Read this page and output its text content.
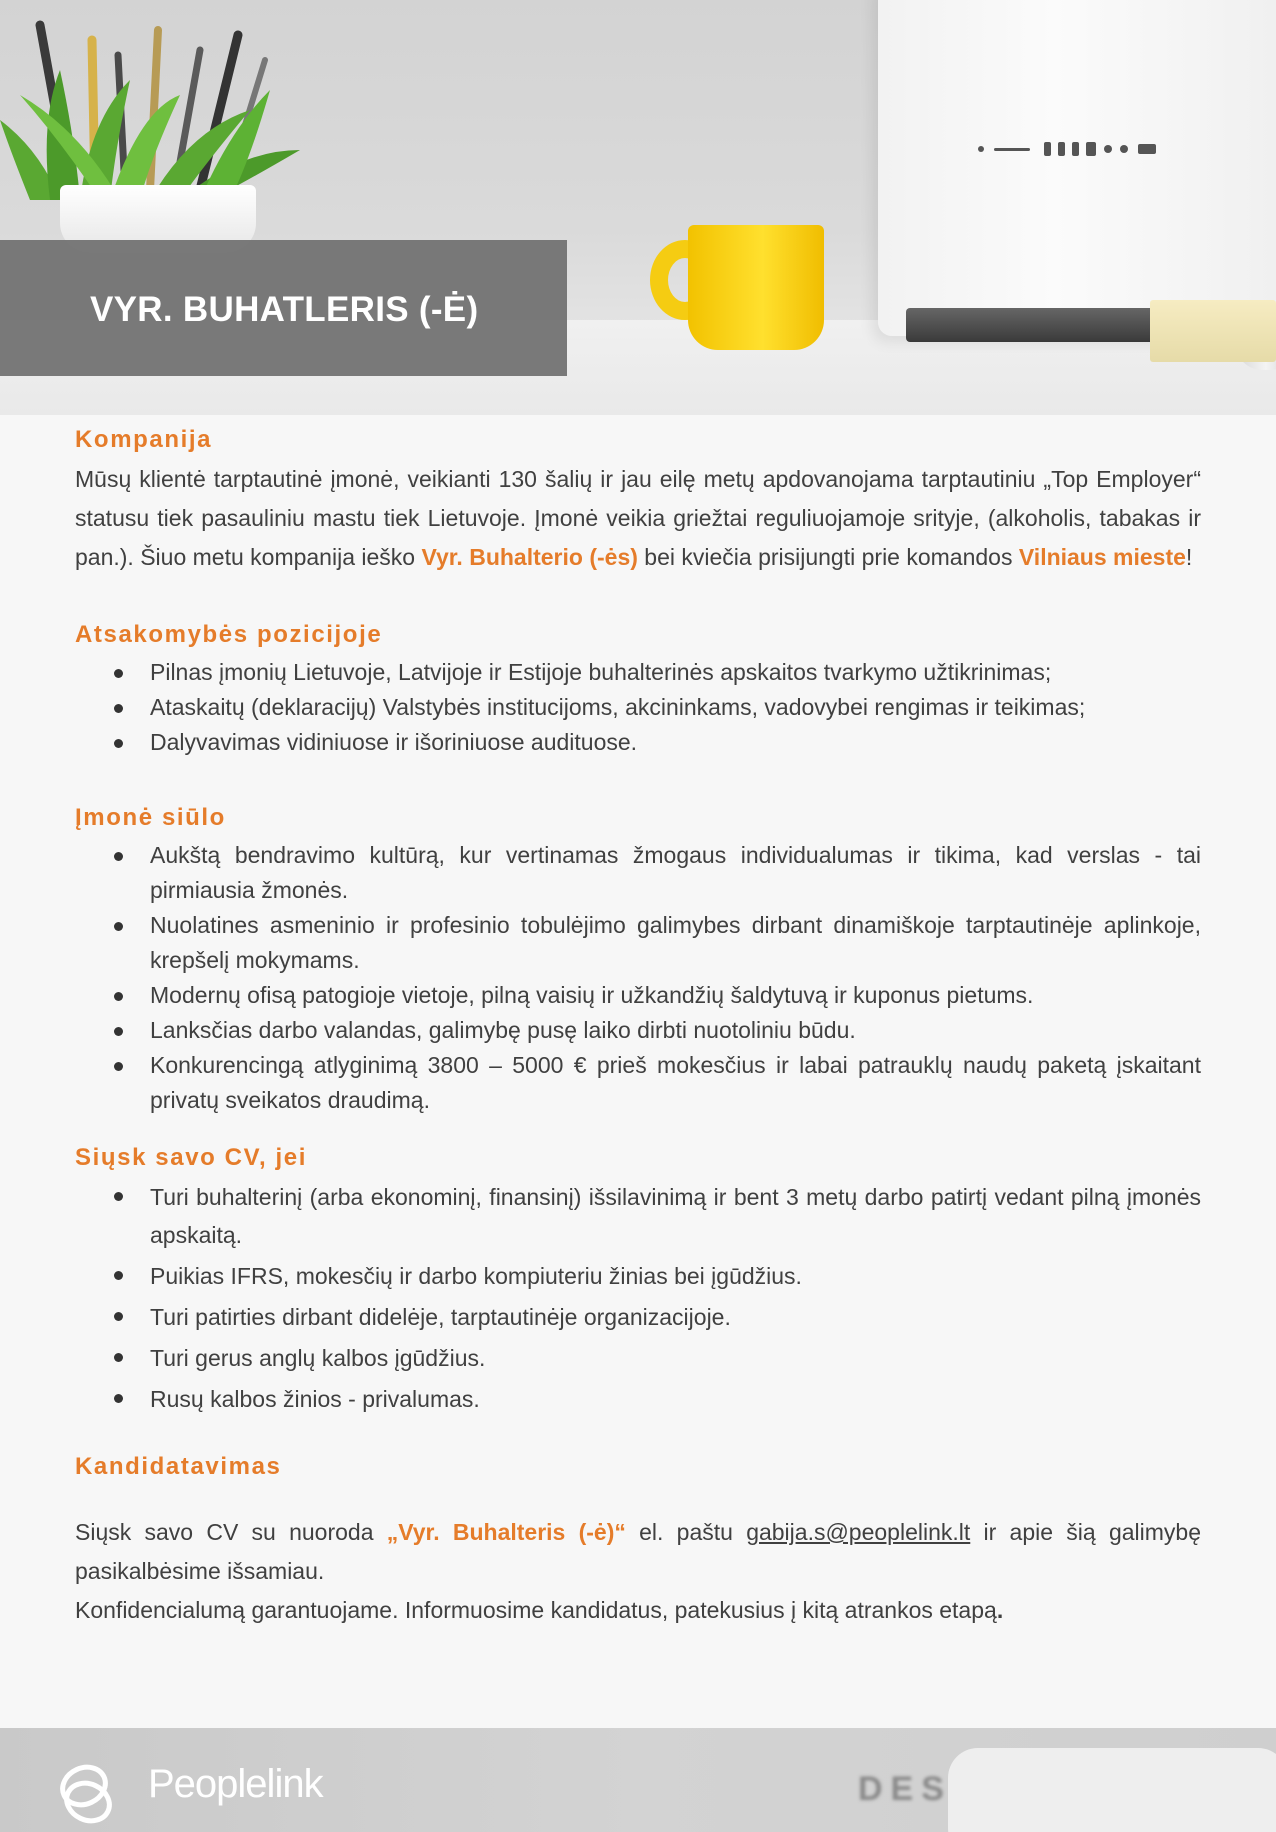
VYR. BUHATLERIS (-Ė)
Kompanija

Mūsų klientė tarptautinė įmonė, veikianti 130 šalių ir jau eilę metų apdovanojama tarptautiniu „Top Employer“ statusu tiek pasauliniu mastu tiek Lietuvoje. Įmonė veikia griežtai reguliuojamoje srityje, (alkoholis, tabakas ir pan.). Šiuo metu kompanija ieško Vyr. Buhalterio (-ės) bei kviečia prisijungti prie komandos Vilniaus mieste!

Atsakomybės pozicijoje
Pilnas įmonių Lietuvoje, Latvijoje ir Estijoje buhalterinės apskaitos tvarkymo užtikrinimas;
Ataskaitų (deklaracijų) Valstybės institucijoms, akcininkams, vadovybei rengimas ir teikimas;
Dalyvavimas vidiniuose ir išoriniuose audituose.
Įmonė siūlo
Aukštą bendravimo kultūrą, kur vertinamas žmogaus individualumas ir tikima, kad verslas - tai pirmiausia žmonės.
Nuolatines asmeninio ir profesinio tobulėjimo galimybes dirbant dinamiškoje tarptautinėje aplinkoje, krepšelį mokymams.
Modernų ofisą patogioje vietoje, pilną vaisių ir užkandžių šaldytuvą ir kuponus pietums.
Lanksčias darbo valandas, galimybę pusę laiko dirbti nuotoliniu būdu.
Konkurencingą atlyginimą 3800 – 5000 € prieš mokesčius ir labai patrauklų naudų paketą įskaitant privatų sveikatos draudimą.
Siųsk savo CV, jei
Turi buhalterinį (arba ekonominį, finansinį) išsilavinimą ir bent 3 metų darbo patirtį vedant pilną įmonės apskaitą.
Puikias IFRS, mokesčių ir darbo kompiuteriu žinias bei įgūdžius.
Turi patirties dirbant didelėje, tarptautinėje organizacijoje.
Turi gerus anglų kalbos įgūdžius.
Rusų kalbos žinios - privalumas.
Kandidatavimas

Siųsk savo CV su nuoroda „Vyr. Buhalteris (-ė)“ el. paštu gabija.s@peoplelink.lt ir apie šią galimybę pasikalbėsime išsamiau.

Konfidencialumą garantuojame. Informuosime kandidatus, patekusius į kitą atrankos etapą.

DES
Peoplelink
